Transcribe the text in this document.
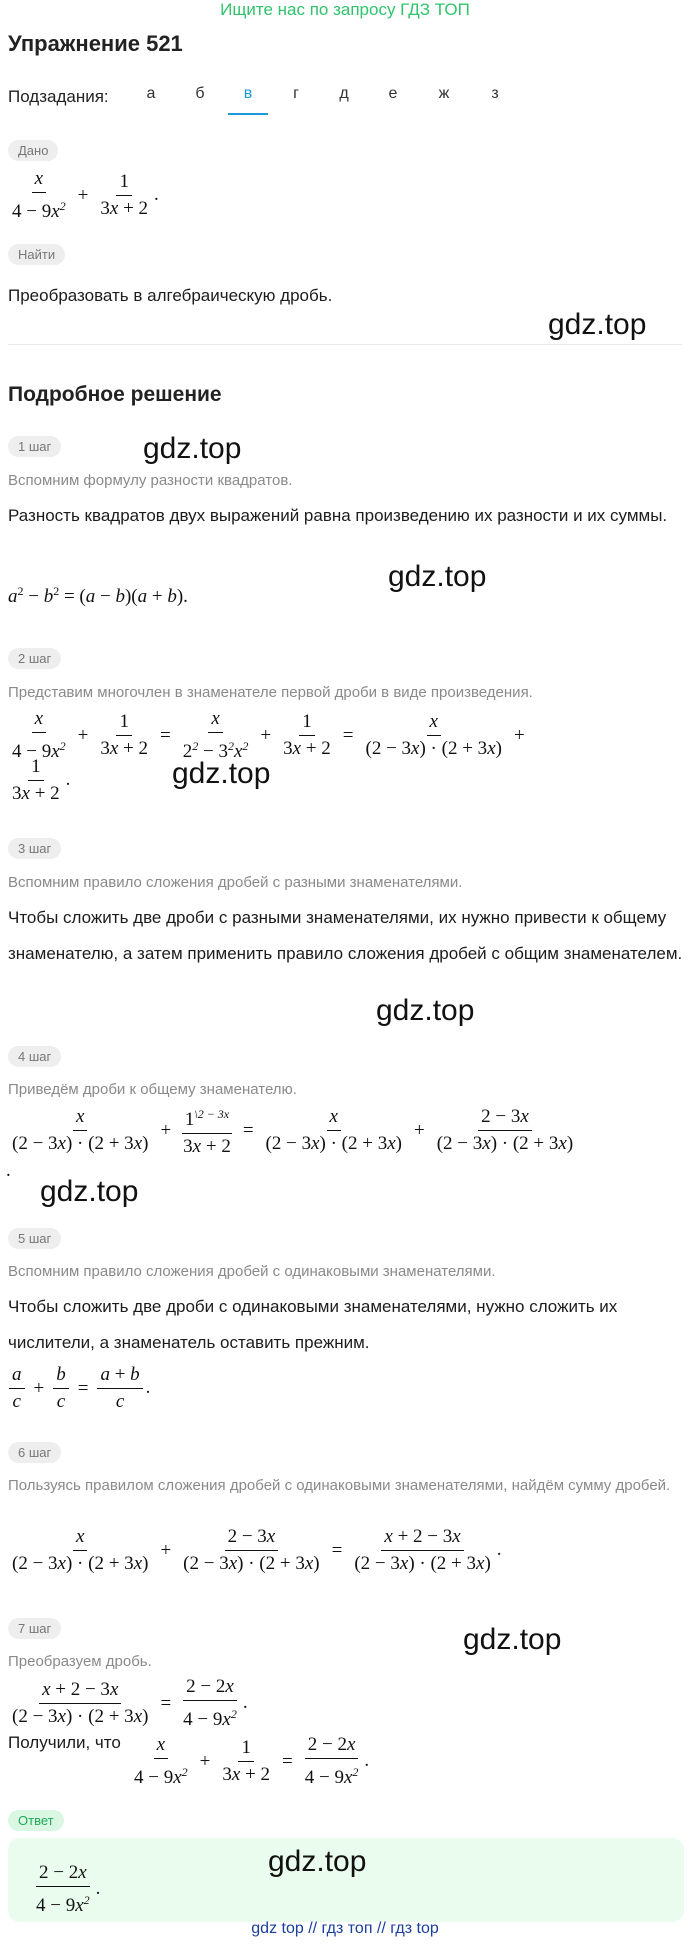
Ищите нас по запросу ГДЗ ТОП
Упражнение 521
Подзадания:	а	б	в	г	д	е	ж	з
Дано
$\frac{x}{4 - 9x^2} + \frac{1}{3x + 2}$ .
Найти
Преобразовать в алгебраическую дробь.
gdz.top
Подробное решение
1 шаг	gdz.top
Вспомним формулу разности квадратов.
Разность квадратов двух выражений равна произведению их разности и их суммы.
$a^2 - b^2 = (a - b)(a + b)$.
gdz.top
2 шаг
Представим многочлен в знаменателе первой дроби в виде произведения.
$\frac{x}{4 - 9x^2} + \frac{1}{3x + 2} = \frac{x}{2^2 - 3^2x^2} + \frac{1}{3x + 2} = \frac{x}{(2 - 3x) \cdot (2 + 3x)}$ +
$\frac{1}{3x + 2}$ .	gdz.top
3 шаг
Вспомним правило сложения дробей с разными знаменателями.
Чтобы сложить две дроби с разными знаменателями, их нужно привести к общему знаменателю, а затем применить правило сложения дробей с общим знаменателем.
gdz.top
4 шаг
Приведём дроби к общему знаменателю.
$\frac{x}{(2 - 3x) \cdot (2 + 3x)} + \frac{1^{\backslash 2 - 3x}}{3x + 2} = \frac{x}{(2 - 3x) \cdot (2 + 3x)} + \frac{2 - 3x}{(2 - 3x) \cdot (2 + 3x)}$
.
gdz.top
5 шаг
Вспомним правило сложения дробей с одинаковыми знаменателями.
Чтобы сложить две дроби с одинаковыми знаменателями, нужно сложить их числители, а знаменатель оставить прежним.
$\frac{a}{c} + \frac{b}{c} = \frac{a + b}{c}$ .
6 шаг
Пользуясь правилом сложения дробей с одинаковыми знаменателями, найдём сумму дробей.
$\frac{x}{(2 - 3x) \cdot (2 + 3x)} + \frac{2 - 3x}{(2 - 3x) \cdot (2 + 3x)} = \frac{x + 2 - 3x}{(2 - 3x) \cdot (2 + 3x)}$ .
7 шаг	gdz.top
Преобразуем дробь.
$\frac{x + 2 - 3x}{(2 - 3x) \cdot (2 + 3x)} = \frac{2 - 2x}{4 - 9x^2}$ .
Получили, что $\frac{x}{4 - 9x^2} + \frac{1}{3x + 2} = \frac{2 - 2x}{4 - 9x^2}$ .
Ответ
gdz.top
$\frac{2 - 2x}{4 - 9x^2}$ .
gdz top // гдз топ // гдз top
